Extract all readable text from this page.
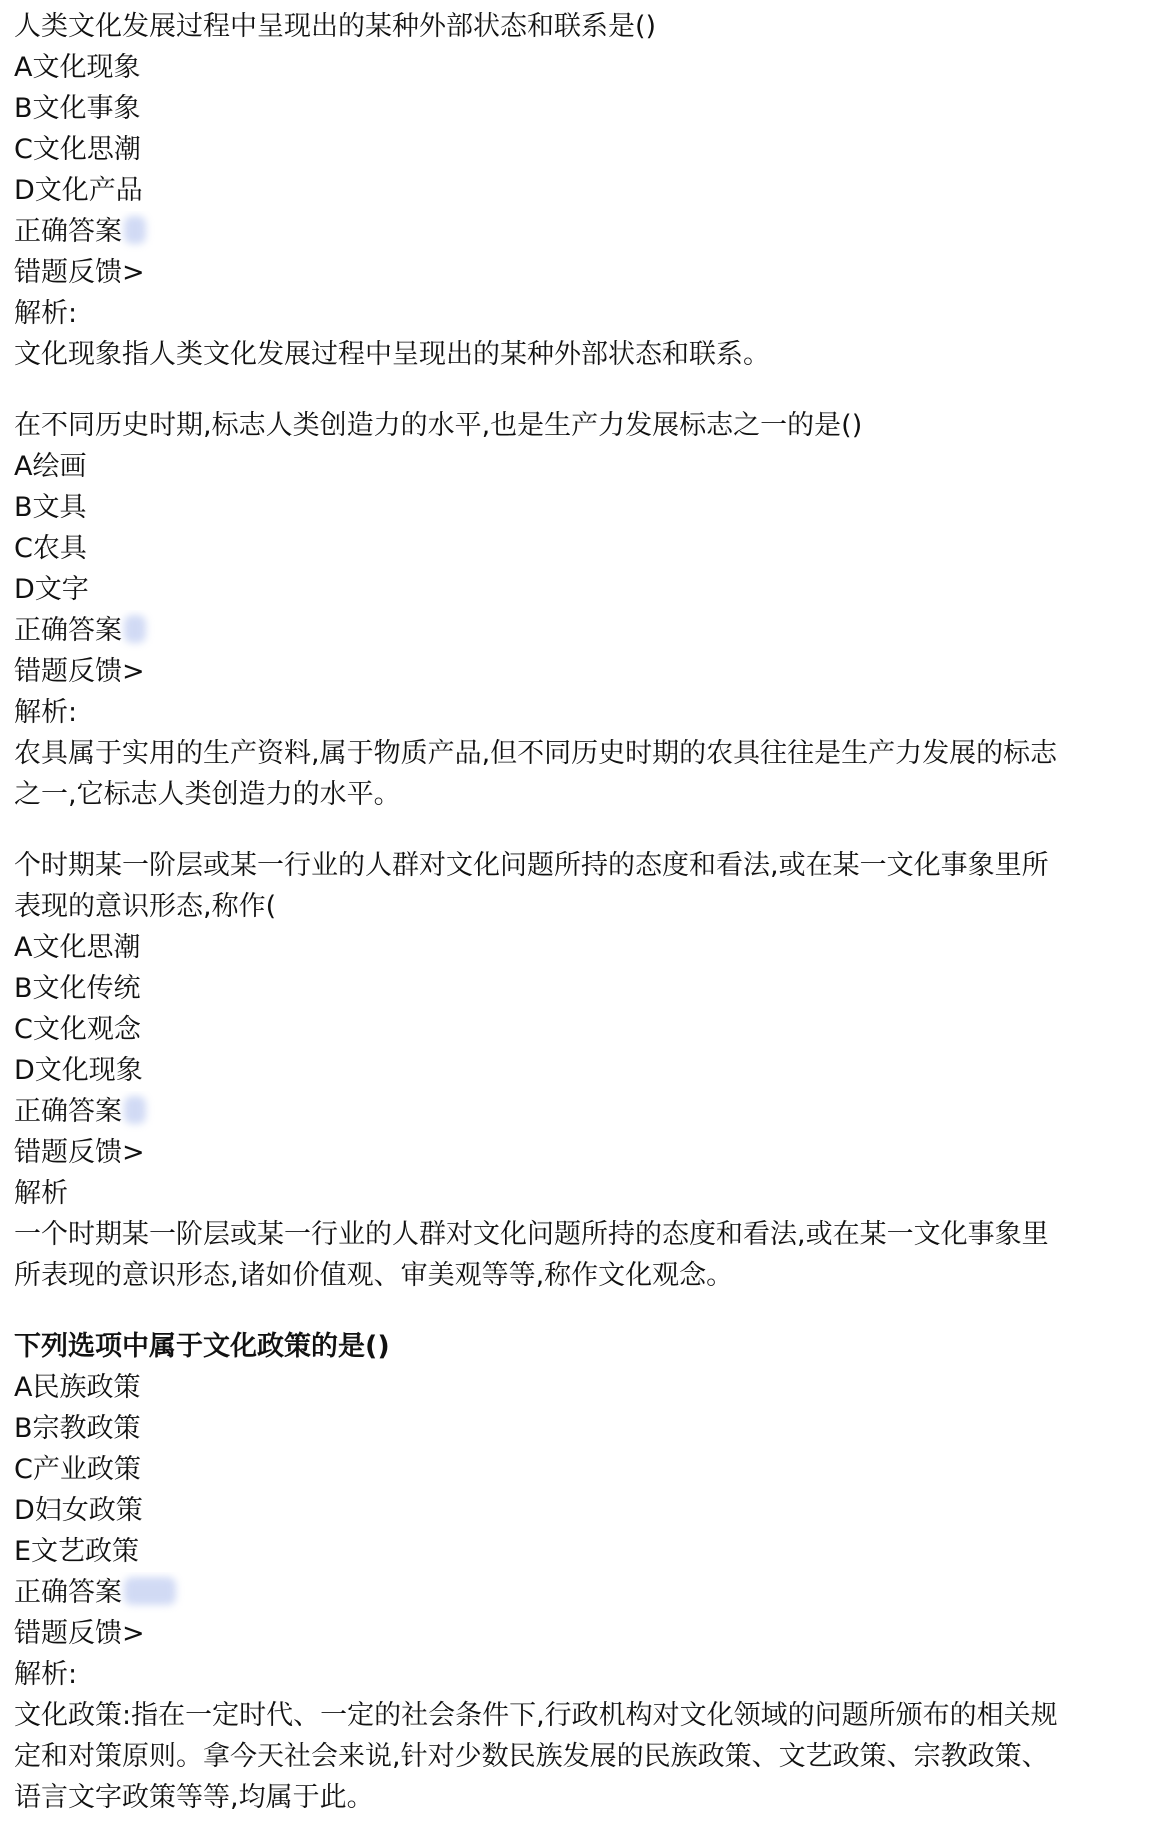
人类文化发展过程中呈现出的某种外部状态和联系是()
A文化现象
B文化事象
C文化思潮
D文化产品
正确答案
错题反馈>
解析:
文化现象指人类文化发展过程中呈现出的某种外部状态和联系。
在不同历史时期,标志人类创造力的水平,也是生产力发展标志之一的是()
A绘画
B文具
C农具
D文字
正确答案
错题反馈>
解析:
农具属于实用的生产资料,属于物质产品,但不同历史时期的农具往往是生产力发展的标志
之一,它标志人类创造力的水平。
个时期某一阶层或某一行业的人群对文化问题所持的态度和看法,或在某一文化事象里所
表现的意识形态,称作(
A文化思潮
B文化传统
C文化观念
D文化现象
正确答案
错题反馈>
解析
一个时期某一阶层或某一行业的人群对文化问题所持的态度和看法,或在某一文化事象里
所表现的意识形态,诸如价值观、审美观等等,称作文化观念。
下列选项中属于文化政策的是()
A民族政策
B宗教政策
C产业政策
D妇女政策
E文艺政策
正确答案
错题反馈>
解析:
文化政策:指在一定时代、一定的社会条件下,行政机构对文化领域的问题所颁布的相关规
定和对策原则。拿今天社会来说,针对少数民族发展的民族政策、文艺政策、宗教政策、
语言文字政策等等,均属于此。
